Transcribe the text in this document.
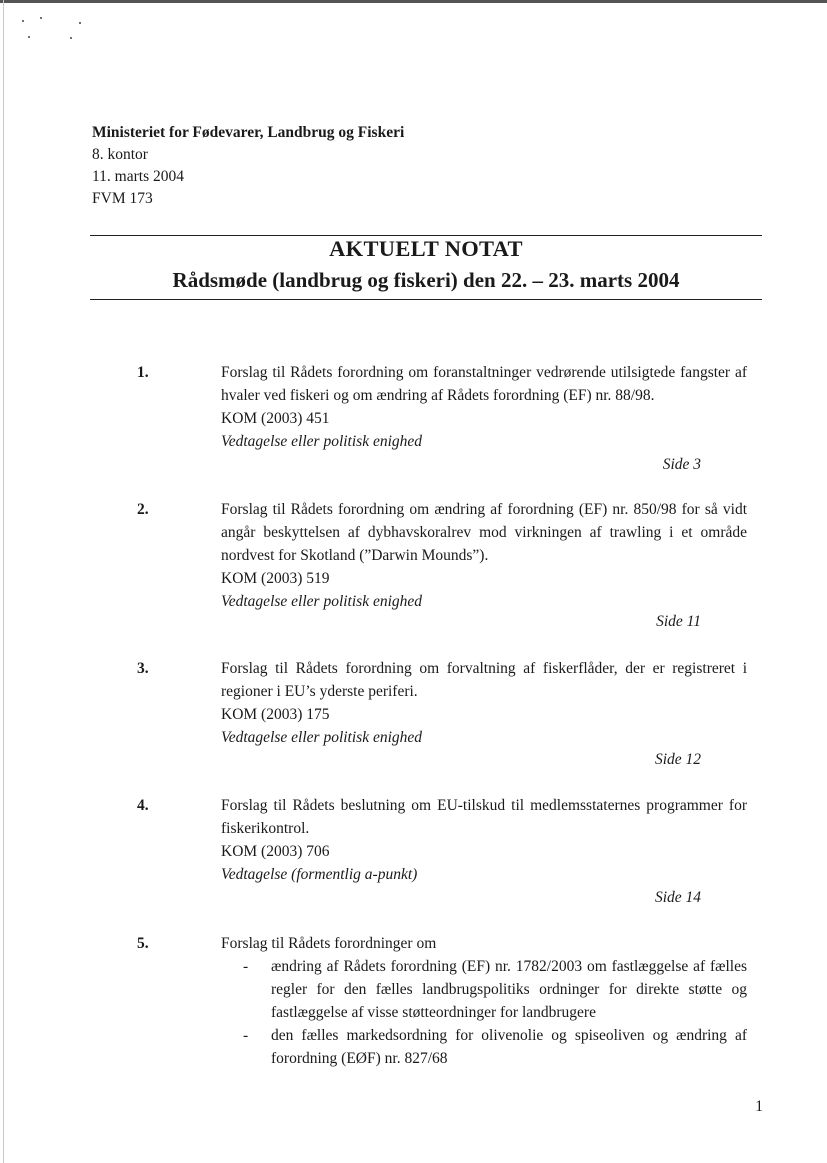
Ministeriet for Fødevarer, Landbrug og Fiskeri
8. kontor
11. marts 2004
FVM 173
AKTUELT NOTAT
Rådsmøde (landbrug og fiskeri) den 22. – 23. marts 2004
1.	Forslag til Rådets forordning om foranstaltninger vedrørende utilsigtede fangster af hvaler ved fiskeri og om ændring af Rådets forordning (EF) nr. 88/98.

KOM (2003) 451

Vedtagelse eller politisk enighed

Side 3
2.	Forslag til Rådets forordning om ændring af forordning (EF) nr. 850/98 for så vidt angår beskyttelsen af dybhavskoralrev mod virkningen af trawling i et område nordvest for Skotland (”Darwin Mounds”).

KOM (2003) 519

Vedtagelse eller politisk enighed

Side 11
3.	Forslag til Rådets forordning om forvaltning af fiskerflåder, der er registreret i regioner i EU’s yderste periferi.

KOM (2003) 175

Vedtagelse eller politisk enighed

Side 12
4.	Forslag til Rådets beslutning om EU-tilskud til medlemsstaternes programmer for fiskerikontrol.

KOM (2003) 706

Vedtagelse (formentlig a-punkt)

Side 14
5.	Forslag til Rådets forordninger om

- ændring af Rådets forordning (EF) nr. 1782/2003 om fastlæggelse af fælles regler for den fælles landbrugspolitiks ordninger for direkte støtte og fastlæggelse af visse støtteordninger for landbrugere
- den fælles markedsordning for olivenolie og spiseoliven og ændring af forordning (EØF) nr. 827/68
1
